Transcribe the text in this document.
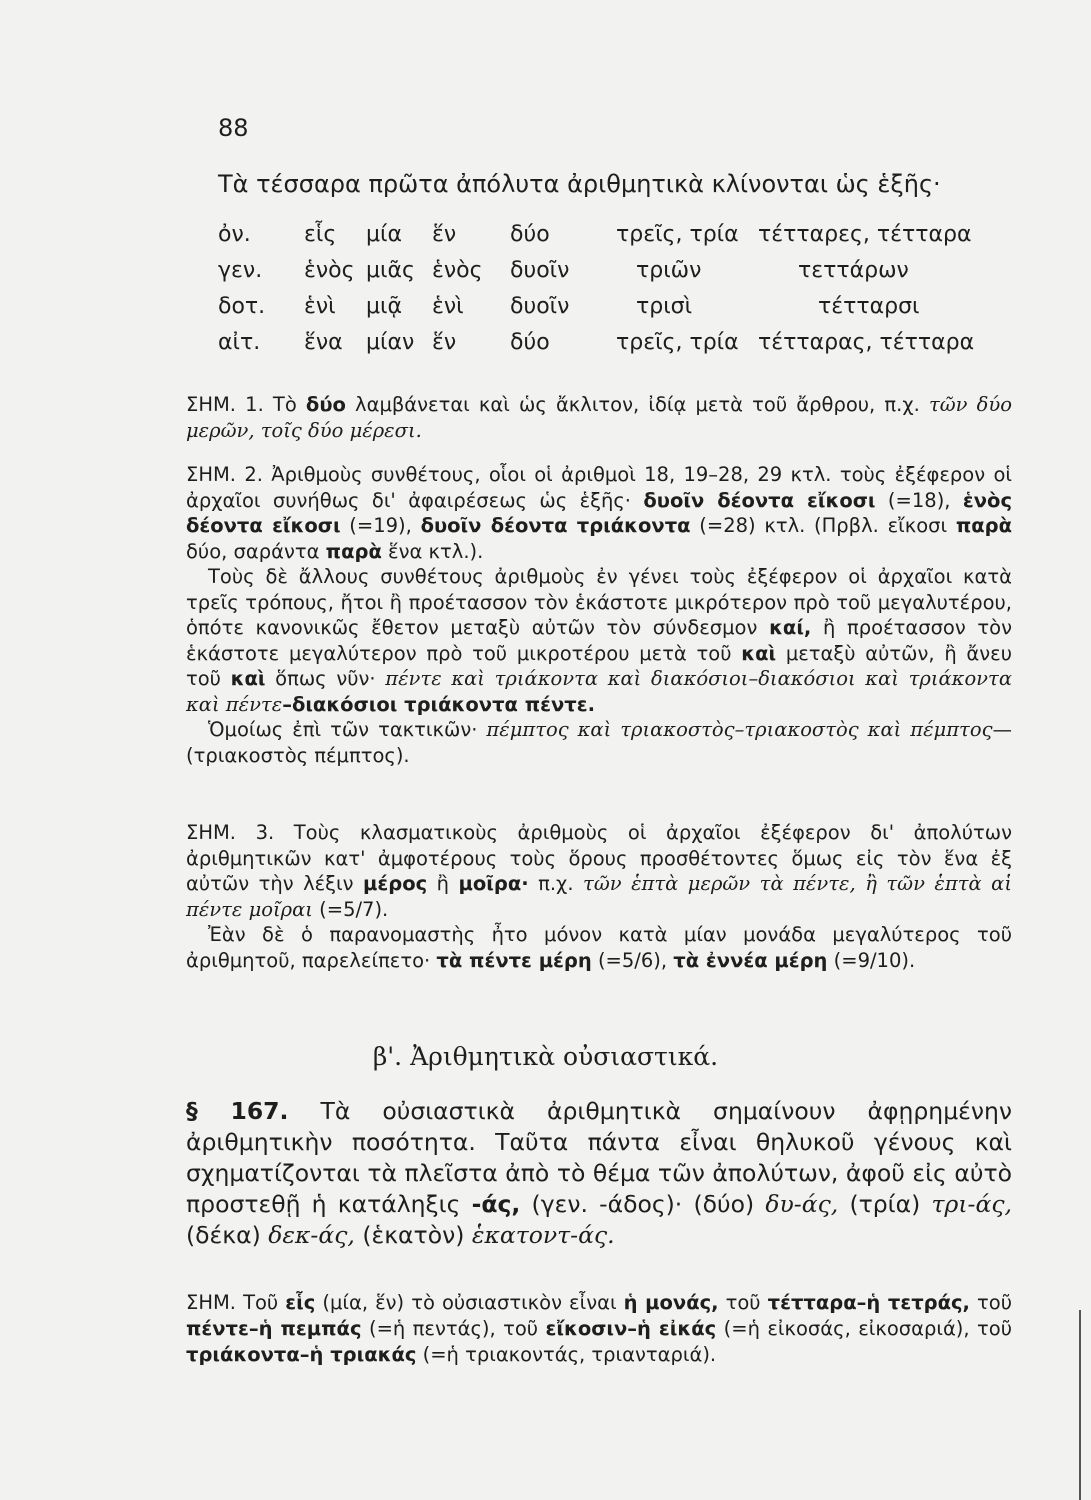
88
Τὰ τέσσαρα πρῶτα ἀπόλυτα ἀριθμητικὰ κλίνονται ὡς ἑξῆς·
ὀν. εἷς μία ἕν δύο	τρεῖς, τρία τέτταρες, τέτταρα
γεν. ἑνὸς μιᾶς ἑνὸς δυοῖν	τριῶν	τεττάρων
δοτ. ἑνὶ μιᾷ ἑνὶ δυοῖν	τρισὶ	τέτταρσι
αἰτ. ἕνα μίαν ἕν δύο	τρεῖς, τρία τέτταρας, τέτταρα
ΣΗΜ. 1. Τὸ δύο λαμβάνεται καὶ ὡς ἄκλιτον, ἰδίᾳ μετὰ τοῦ ἄρθρου, π.χ. τῶν δύο μερῶν, τοῖς δύο μέρεσι.
ΣΗΜ. 2. Ἀριθμοὺς συνθέτους, οἷοι οἱ ἀριθμοὶ 18, 19–28, 29 κτλ. τοὺς ἐξέφερον οἱ ἀρχαῖοι συνήθως δι' ἀφαιρέσεως ὡς ἑξῆς· δυοῖν δέοντα εἴκοσι (=18), ἑνὸς δέοντα εἴκοσι (=19), δυοῖν δέοντα τριάκοντα (=28) κτλ. (Πρβλ. εἴκοσι παρὰ δύο, σαράντα παρὰ ἕνα κτλ.).
Τοὺς δὲ ἄλλους συνθέτους ἀριθμοὺς ἐν γένει τοὺς ἐξέφερον οἱ ἀρχαῖοι κατὰ τρεῖς τρόπους, ἤτοι ἢ προέτασσον τὸν ἑκάστοτε μικρότερον πρὸ τοῦ μεγαλυτέρου, ὁπότε κανονικῶς ἔθετον μεταξὺ αὐτῶν τὸν σύνδεσμον καί, ἢ προέτασσον τὸν ἑκάστοτε μεγαλύτερον πρὸ τοῦ μικροτέρου μετὰ τοῦ καὶ μεταξὺ αὐτῶν, ἢ ἄνευ τοῦ καὶ ὅπως νῦν· πέντε καὶ τριάκοντα καὶ διακόσιοι–διακόσιοι καὶ τριάκοντα καὶ πέντε–διακόσιοι τριάκοντα πέντε.
Ὁμοίως ἐπὶ τῶν τακτικῶν· πέμπτος καὶ τριακοστὸς–τριακοστὸς καὶ πέμπτος— (τριακοστὸς πέμπτος).
ΣΗΜ. 3. Τοὺς κλασματικοὺς ἀριθμοὺς οἱ ἀρχαῖοι ἐξέφερον δι' ἀπολύτων ἀριθμητικῶν κατ' ἀμφοτέρους τοὺς ὅρους προσθέτοντες ὅμως εἰς τὸν ἕνα ἐξ αὐτῶν τὴν λέξιν μέρος ἢ μοῖρα· π.χ. τῶν ἑπτὰ μερῶν τὰ πέντε, ἢ τῶν ἑπτὰ αἱ πέντε μοῖραι (=5/7).
Ἐὰν δὲ ὁ παρανομαστὴς ἦτο μόνον κατὰ μίαν μονάδα μεγαλύτερος τοῦ ἀριθμητοῦ, παρελείπετο· τὰ πέντε μέρη (=5/6), τὰ ἐννέα μέρη (=9/10).
β'. Ἀριθμητικὰ οὐσιαστικά.
§ 167. Τὰ οὐσιαστικὰ ἀριθμητικὰ σημαίνουν ἀφῃρημένην ἀριθμητικὴν ποσότητα. Ταῦτα πάντα εἶναι θηλυκοῦ γένους καὶ σχηματίζονται τὰ πλεῖστα ἀπὸ τὸ θέμα τῶν ἀπολύτων, ἀφοῦ εἰς αὐτὸ προστεθῇ ἡ κατάληξις -άς, (γεν. -άδος)· (δύο) δυ-άς, (τρία) τρι-άς, (δέκα) δεκ-άς, (ἑκατὸν) ἑκατοντ-άς.
ΣΗΜ. Τοῦ εἷς (μία, ἕν) τὸ οὐσιαστικὸν εἶναι ἡ μονάς, τοῦ τέτταρα–ἡ τετράς, τοῦ πέντε–ἡ πεμπάς (=ἡ πεντάς), τοῦ εἴκοσιν–ἡ εἰκάς (=ἡ εἰκοσάς, εἰκοσαριά), τοῦ τριάκοντα–ἡ τριακάς (=ἡ τριακοντάς, τριανταριά).
